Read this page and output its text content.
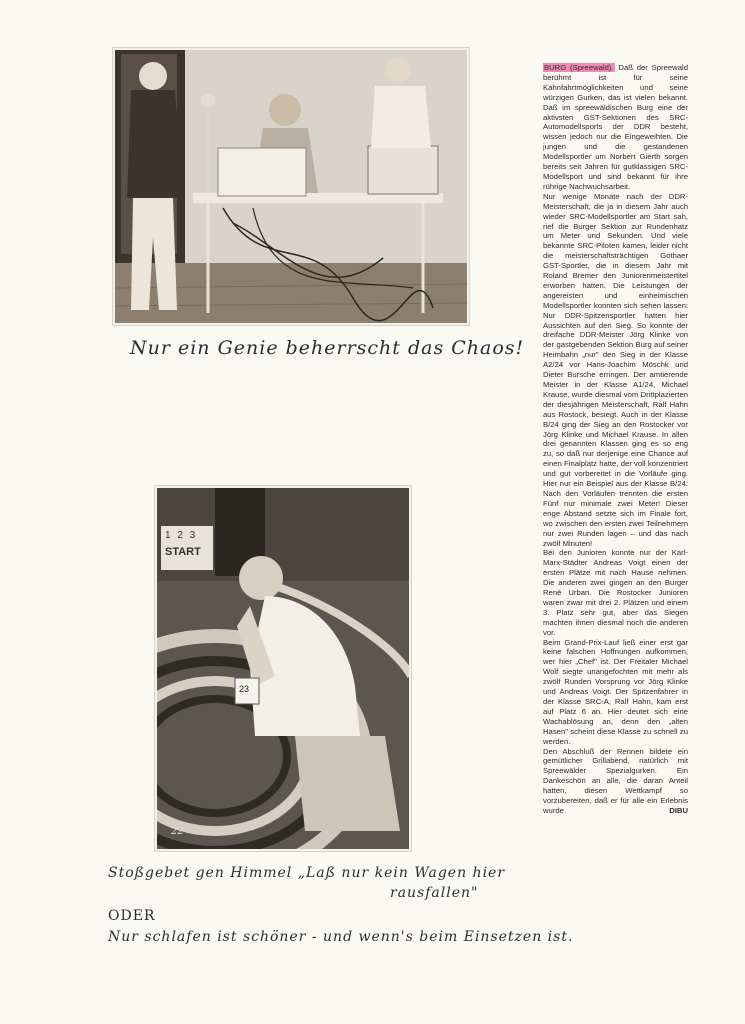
Nur ein Genie beherrscht das Chaos!
1 2 3
START
23
22
Stoßgebet gen Himmel „Laß nur kein Wagen hier
rausfallen"
ODER
Nur schlafen ist schöner - und wenn's beim Einsetzen ist.

BURG (Spreewald). Daß der Spreewald berühmt ist für seine Kahnfahrtmöglichkeiten und seine würzigen Gurken, das ist vielen bekannt. Daß im spreewäldischen Burg eine der aktivsten GST-Sektionen des SRC-Automodellsports der DDR besteht, wissen jedoch nur die Eingeweihten. Die jungen und die gestandenen Modellsportler um Norbert Gierth sorgen bereits seit Jahren für gutklassigen SRC-Modellsport und sind bekannt für ihre rührige Nachwuchsarbeit.

Nur wenige Monate nach der DDR-Meisterschaft, die ja in diesem Jahr auch wieder SRC-Modellsportler am Start sah, rief die Burger Sektion zur Rundenhatz um Meter und Sekunden. Und viele bekannte SRC-Piloten kamen, leider nicht die meisterschaftsträchtigen Gothaer GST-Sportler, die in diesem Jahr mit Roland Bremer den Juniorenmeistertitel erworben hatten. Die Leistungen der angereisten und einheimischen Modellsportler konnten sich sehen lassen: Nur DDR-Spitzensportler hatten hier Aussichten auf den Sieg. So konnte der dreifache DDR-Meister Jörg Klinke von der gastgebenden Sektion Burg auf seiner Heimbahn „nur" den Sieg in der Klasse A2/24 vor Hans-Joachim Möschk und Dieter Bursche erringen. Der amtierende Meister in der Klasse A1/24, Michael Krause, wurde diesmal vom Drittplazierten der diesjährigen Meisterschaft, Ralf Hahn aus Rostock, besiegt. Auch in der Klasse B/24 ging der Sieg an den Rostocker vor Jörg Klinke und Michael Krause. In allen drei genannten Klassen ging es so eng zu, so daß nur derjenige eine Chance auf einen Finalplatz hatte, der voll konzentriert und gut vorbereitet in die Vorläufe ging. Hier nur ein Beispiel aus der Klasse B/24: Nach den Vorläufen trennten die ersten Fünf nur minimale zwei Meter! Dieser enge Abstand setzte sich im Finale fort, wo zwischen den ersten zwei Teilnehmern nur zwei Runden lagen – und das nach zwölf Minuten!

Bei den Junioren konnte nur der Karl-Marx-Städter Andreas Voigt einen der ersten Plätze mit nach Hause nehmen. Die anderen zwei gingen an den Burger René Urban. Die Rostocker Junioren waren zwar mit drei 2. Plätzen und einem 3. Platz sehr gut, aber das Siegen machten ihnen diesmal noch die anderen vor.

Beim Grand-Prix-Lauf ließ einer erst gar keine falschen Hoffnungen aufkommen, wer hier „Chef" ist. Der Freitaler Michael Wolf siegte unangefochten mit mehr als zwölf Runden Vorsprung vor Jörg Klinke und Andreas Voigt. Der Spitzenfahrer in der Klasse SRC-A, Ralf Hahn, kam erst auf Platz 6 an. Hier deutet sich eine Wachablösung an, denn den „alten Hasen" scheint diese Klasse zu schnell zu werden.

Den Abschluß der Rennen bildete ein gemütlicher Grillabend, natürlich mit Spreewälder Spezialgurken. Ein Dankeschön an alle, die daran Anteil hatten, diesen Wettkampf so vorzubereiten, daß er für alle ein Erlebnis wurde.	DIBU
